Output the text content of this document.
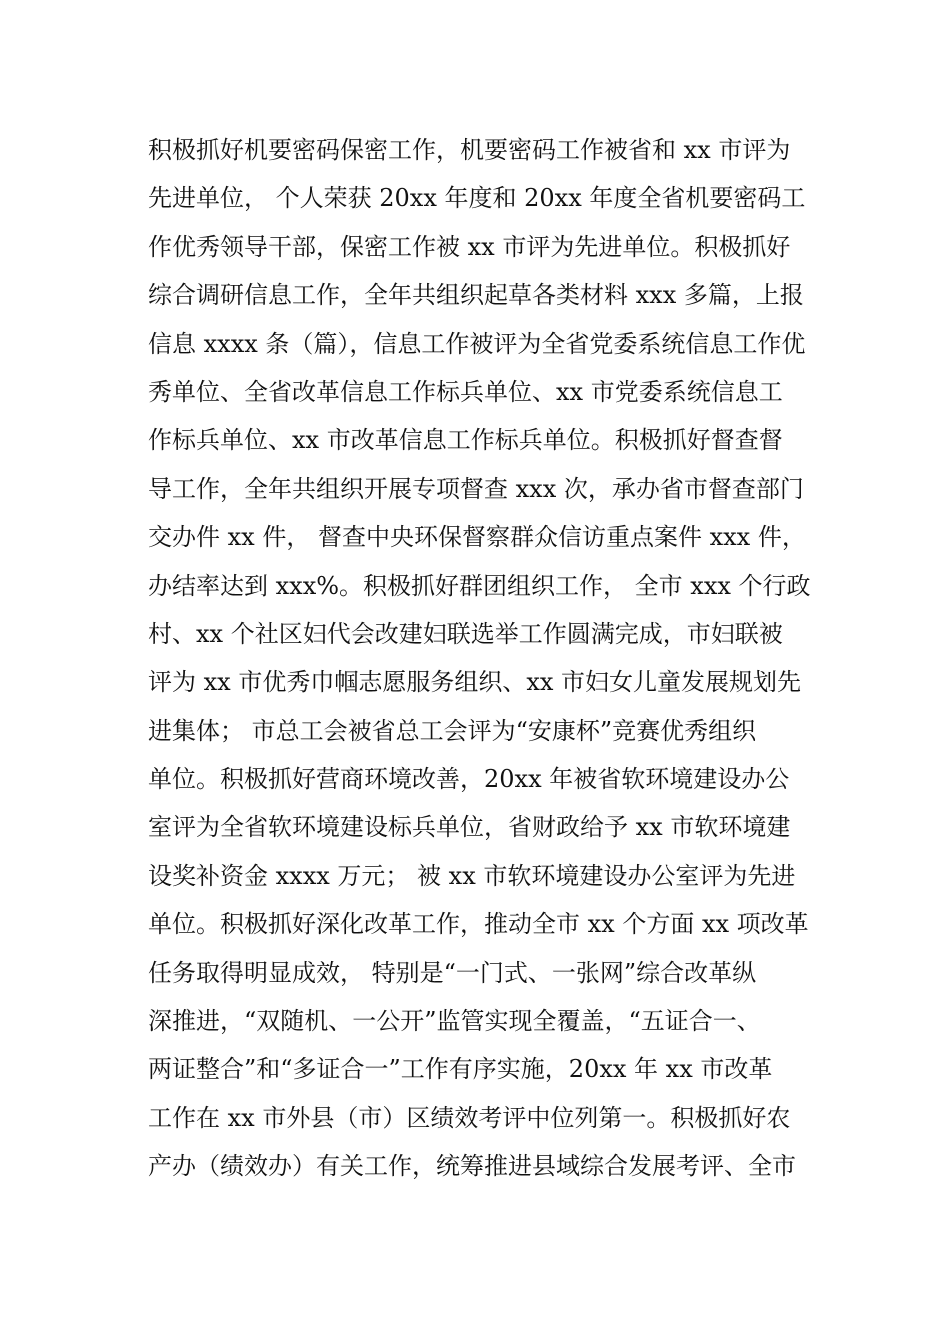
积极抓好机要密码保密工作，机要密码工作被省和 xx 市评为
先进单位， 个人荣获 20xx 年度和 20xx 年度全省机要密码工
作优秀领导干部，保密工作被 xx 市评为先进单位。积极抓好
综合调研信息工作，全年共组织起草各类材料 xxx 多篇，上报
信息 xxxx 条（篇），信息工作被评为全省党委系统信息工作优
秀单位、全省改革信息工作标兵单位、xx 市党委系统信息工
作标兵单位、xx 市改革信息工作标兵单位。积极抓好督查督
导工作，全年共组织开展专项督查 xxx 次，承办省市督查部门
交办件 xx 件， 督查中央环保督察群众信访重点案件 xxx 件，
办结率达到 xxx%。积极抓好群团组织工作， 全市 xxx 个行政
村、xx 个社区妇代会改建妇联选举工作圆满完成，市妇联被
评为 xx 市优秀巾帼志愿服务组织、xx 市妇女儿童发展规划先
进集体； 市总工会被省总工会评为“安康杯”竞赛优秀组织
单位。积极抓好营商环境改善，20xx 年被省软环境建设办公
室评为全省软环境建设标兵单位，省财政给予 xx 市软环境建
设奖补资金 xxxx 万元； 被 xx 市软环境建设办公室评为先进
单位。积极抓好深化改革工作，推动全市 xx 个方面 xx 项改革
任务取得明显成效， 特别是“一门式、一张网”综合改革纵
深推进，“双随机、一公开”监管实现全覆盖，“五证合一、
两证整合”和“多证合一”工作有序实施，20xx 年 xx 市改革
工作在 xx 市外县（市）区绩效考评中位列第一。积极抓好农
产办（绩效办）有关工作，统筹推进县域综合发展考评、全市
